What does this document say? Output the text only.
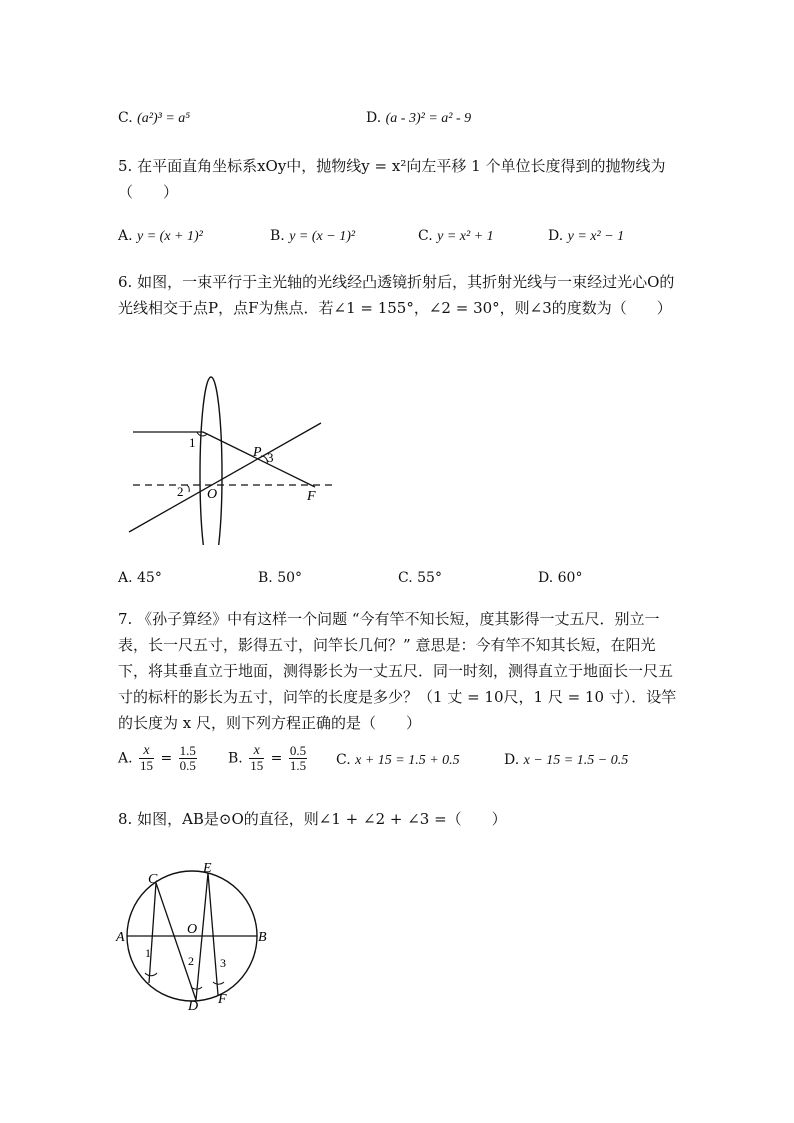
C. (a²)³ = a⁵	D. (a - 3)² = a² - 9
5. 在平面直角坐标系xOy中，抛物线y = x²向左平移 1 个单位长度得到的抛物线为（　　）
A. y = (x + 1)²	B. y = (x − 1)²	C. y = x² + 1	D. y = x² − 1
6. 如图，一束平行于主光轴的光线经凸透镜折射后，其折射光线与一束经过光心O的光线相交于点P，点F为焦点．若∠1 = 155°，∠2 = 30°，则∠3的度数为（　　）
1
2
3
O
P
F
A. 45°	B. 50°	C. 55°	D. 60°
7. 《孙子算经》中有这样一个问题 “今有竿不知长短，度其影得一丈五尺．别立一表，长一尺五寸，影得五寸，问竿长几何？” 意思是：今有竿不知其长短，在阳光下，将其垂直立于地面，测得影长为一丈五尺．同一时刻，测得直立于地面长一尺五寸的标杆的影长为五寸，问竿的长度是多少？（1 丈 = 10尺，1 尺 = 10 寸）．设竿的长度为 x 尺，则下列方程正确的是（　　）
A. $\frac{x}{15} = \frac{1.5}{0.5} B$. $\frac{x}{15} = \frac{0.5}{1.5} C$. x + 15 = 1.5 + 0.5	D. x − 15 = 1.5 − 0.5
8. 如图，AB是⊙O的直径，则∠1 + ∠2 + ∠3 =（　　）
A	B
C
E
O
D F
1
2 3
